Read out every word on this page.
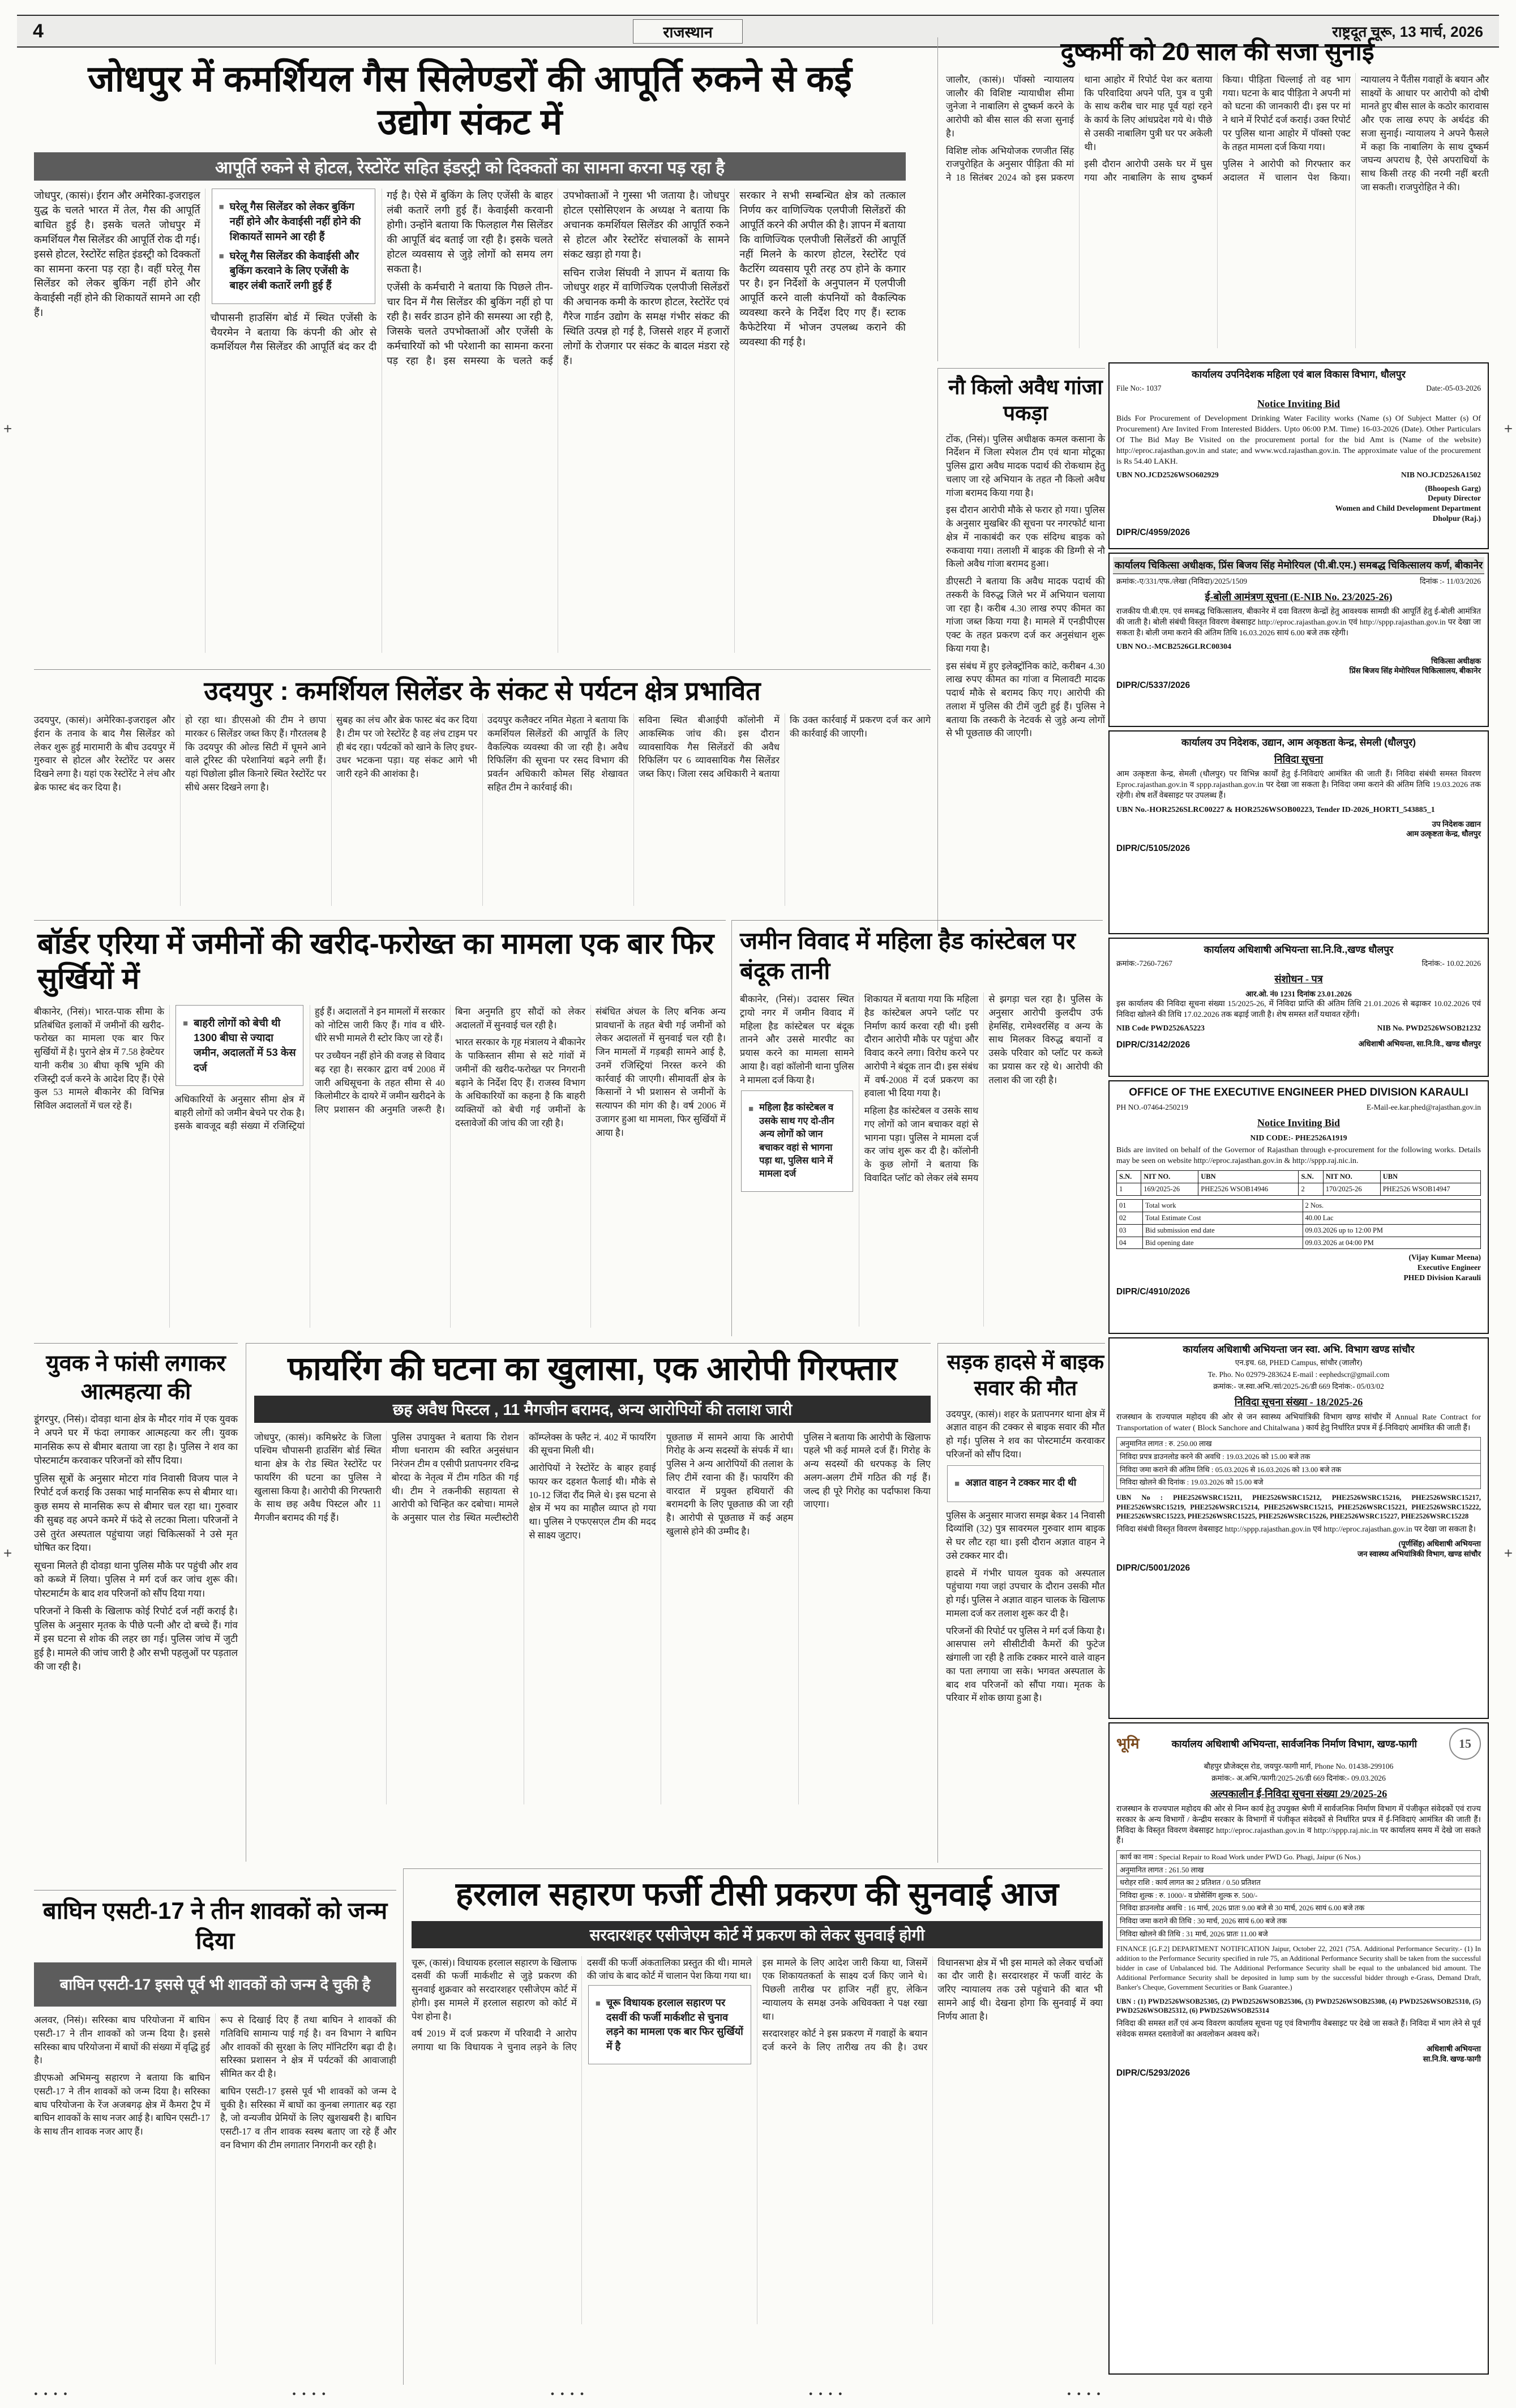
+	+
+	+
4	राजस्थान	राष्ट्रदूत चूरू, 13 मार्च, 2026
जोधपुर में कमर्शियल गैस सिलेण्डरों की आपूर्ति रुकने से कई उद्योग संकट में
आपूर्ति रुकने से होटल, रेस्टोरेंट सहित इंडस्ट्री को दिक्कतों का सामना करना पड़ रहा है

जोधपुर, (कासं)। ईरान और अमेरिका-इजराइल युद्ध के चलते भारत में तेल, गैस की आपूर्ति बाधित हुई है। इसके चलते जोधपुर में कमर्शियल गैस सिलेंडर की आपूर्ति रोक दी गई। इससे होटल, रेस्टोरेंट सहित इंडस्ट्री को दिक्कतों का सामना करना पड़ रहा है। वहीं घरेलू गैस सिलेंडर को लेकर बुकिंग नहीं होने और केवाईसी नहीं होने की शिकायतें सामने आ रही हैं।

■ घरेलू गैस सिलेंडर को लेकर बुकिंग नहीं होने और केवाईसी नहीं होने की शिकायतें सामने आ रही हैं
■ घरेलू गैस सिलेंडर की केवाईसी और बुकिंग करवाने के लिए एजेंसी के बाहर लंबी कतारें लगी हुई हैं

चौपासनी हाउसिंग बोर्ड में स्थित एजेंसी के चैयरमेन ने बताया कि कंपनी की ओर से कमर्शियल गैस सिलेंडर की आपूर्ति बंद कर दी गई है। ऐसे में बुकिंग के लिए एजेंसी के बाहर लंबी कतारें लगी हुई हैं। केवाईसी करवानी होगी। उन्होंने बताया कि फिलहाल गैस सिलेंडर की आपूर्ति बंद बताई जा रही है। इसके चलते होटल व्यवसाय से जुड़े लोगों को समय लग सकता है।

एजेंसी के कर्मचारी ने बताया कि पिछले तीन-चार दिन में गैस सिलेंडर की बुकिंग नहीं हो पा रही है। सर्वर डाउन होने की समस्या आ रही है, जिसके चलते उपभोक्ताओं और एजेंसी के कर्मचारियों को भी परेशानी का सामना करना पड़ रहा है। इस समस्या के चलते कई उपभोक्ताओं ने गुस्सा भी जताया है। जोधपुर होटल एसोसिएशन के अध्यक्ष ने बताया कि अचानक कमर्शियल सिलेंडर की आपूर्ति रुकने से होटल और रेस्टोरेंट संचालकों के सामने संकट खड़ा हो गया है।

सचिन राजेश सिंघवी ने ज्ञापन में बताया कि जोधपुर शहर में वाणिज्यिक एलपीजी सिलेंडरों की अचानक कमी के कारण होटल, रेस्टोरेंट एवं गैरेज गार्डन उद्योग के समक्ष गंभीर संकट की स्थिति उत्पन्न हो गई है, जिससे शहर में हजारों लोगों के रोजगार पर संकट के बादल मंडरा रहे हैं।

सरकार ने सभी सम्बन्धित क्षेत्र को तत्काल निर्णय कर वाणिज्यिक एलपीजी सिलेंडरों की आपूर्ति करने की अपील की है। ज्ञापन में बताया कि वाणिज्यिक एलपीजी सिलेंडरों की आपूर्ति नहीं मिलने के कारण होटल, रेस्टोरेंट एवं कैटरिंग व्यवसाय पूरी तरह ठप होने के कगार पर है। इन निर्देशों के अनुपालन में एलपीजी आपूर्ति करने वाली कंपनियों को वैकल्पिक व्यवस्था करने के निर्देश दिए गए हैं। स्टाक कैफेटेरिया में भोजन उपलब्ध कराने की व्यवस्था की गई है।

उदयपुर : कमर्शियल सिलेंडर के संकट से पर्यटन क्षेत्र प्रभावित

उदयपुर, (कासं)। अमेरिका-इजराइल और ईरान के तनाव के बाद गैस सिलेंडर को लेकर शुरू हुई मारामारी के बीच उदयपुर में गुरुवार से होटल और रेस्टोरेंट पर असर दिखने लगा है। यहां एक रेस्टोरेंट ने लंच और ब्रेक फास्ट बंद कर दिया है।

हो रहा था। डीएसओ की टीम ने छापा मारकर 6 सिलेंडर जब्त किए हैं। गौरतलब है कि उदयपुर की ओल्ड सिटी में घूमने आने वाले टूरिस्ट की परेशानियां बढ़ने लगी हैं। यहां पिछोला झील किनारे स्थित रेस्टोरेंट पर सीधे असर दिखने लगा है।

सुबह का लंच और ब्रेक फास्ट बंद कर दिया है। टीम पर जो रेस्टोरेंट है वह लंच टाइम पर ही बंद रहा। पर्यटकों को खाने के लिए इधर-उधर भटकना पड़ा। यह संकट आगे भी जारी रहने की आशंका है।

उदयपुर कलैक्टर नमित मेहता ने बताया कि कमर्शियल सिलेंडरों की आपूर्ति के लिए वैकल्पिक व्यवस्था की जा रही है। अवैध रिफिलिंग की सूचना पर रसद विभाग की प्रवर्तन अधिकारी कोमल सिंह शेखावत सहित टीम ने कार्रवाई की।

सविना स्थित बीआईपी कॉलोनी में आकस्मिक जांच की। इस दौरान व्यावसायिक गैस सिलेंडरों की अवैध रिफिलिंग पर 6 व्यावसायिक गैस सिलेंडर जब्त किए। जिला रसद अधिकारी ने बताया कि उक्त कार्रवाई में प्रकरण दर्ज कर आगे की कार्रवाई की जाएगी।

दुष्कर्मी को 20 साल की सजा सुनाई

जालौर, (कासं)। पॉक्सो न्यायालय जालौर की विशिष्ट न्यायाधीश सीमा जुनेजा ने नाबालिग से दुष्कर्म करने के आरोपी को बीस साल की सजा सुनाई है।

विशिष्ट लोक अभियोजक रणजीत सिंह राजपुरोहित के अनुसार पीड़िता की मां ने 18 सितंबर 2024 को इस प्रकरण थाना आहोर में रिपोर्ट पेश कर बताया कि परिवादिया अपने पति, पुत्र व पुत्री के साथ करीब चार माह पूर्व यहां रहने के कार्य के लिए आंधप्रदेश गये थे। पीछे से उसकी नाबालिग पुत्री घर पर अकेली थी।

इसी दौरान आरोपी उसके घर में घुस गया और नाबालिग के साथ दुष्कर्म किया। पीड़िता चिल्लाई तो वह भाग गया। घटना के बाद पीड़िता ने अपनी मां को घटना की जानकारी दी। इस पर मां ने थाने में रिपोर्ट दर्ज कराई। उक्त रिपोर्ट पर पुलिस थाना आहोर में पॉक्सो एक्ट के तहत मामला दर्ज किया गया।

पुलिस ने आरोपी को गिरफ्तार कर अदालत में चालान पेश किया। न्यायालय ने पैंतीस गवाहों के बयान और साक्ष्यों के आधार पर आरोपी को दोषी मानते हुए बीस साल के कठोर कारावास और एक लाख रुपए के अर्थदंड की सजा सुनाई। न्यायालय ने अपने फैसले में कहा कि नाबालिग के साथ दुष्कर्म जघन्य अपराध है, ऐसे अपराधियों के साथ किसी तरह की नरमी नहीं बरती जा सकती। राजपुरोहित ने की।

नौ किलो अवैध गांजा पकड़ा

टोंक, (निसं)। पुलिस अधीक्षक कमल कसाना के निर्देशन में जिला स्पेशल टीम एवं थाना मोटूका पुलिस द्वारा अवैध मादक पदार्थ की रोकथाम हेतु चलाए जा रहे अभियान के तहत नौ किलो अवैध गांजा बरामद किया गया है।

इस दौरान आरोपी मौके से फरार हो गया। पुलिस के अनुसार मुखबिर की सूचना पर नगरफोर्ट थाना क्षेत्र में नाकाबंदी कर एक संदिग्ध बाइक को रुकवाया गया। तलाशी में बाइक की डिग्गी से नौ किलो अवैध गांजा बरामद हुआ।

डीएसटी ने बताया कि अवैध मादक पदार्थ की तस्करी के विरुद्ध जिले भर में अभियान चलाया जा रहा है। करीब 4.30 लाख रुपए कीमत का गांजा जब्त किया गया है। मामले में एनडीपीएस एक्ट के तहत प्रकरण दर्ज कर अनुसंधान शुरू किया गया है।

इस संबंध में हुए इलेक्ट्रॉनिक कांटे, करीबन 4.30 लाख रुपए कीमत का गांजा व मिलावटी मादक पदार्थ मौके से बरामद किए गए। आरोपी की तलाश में पुलिस की टीमें जुटी हुई हैं। पुलिस ने बताया कि तस्करी के नेटवर्क से जुड़े अन्य लोगों से भी पूछताछ की जाएगी।

बॉर्डर एरिया में जमीनों की खरीद-फरोख्त का मामला एक बार फिर सुर्खियों में

बीकानेर, (निसं)। भारत-पाक सीमा के प्रतिबंधित इलाकों में जमीनों की खरीद-फरोख्त का मामला एक बार फिर सुर्खियों में है। पुराने क्षेत्र में 7.58 हेक्टेयर यानी करीब 30 बीघा कृषि भूमि की रजिस्ट्री दर्ज करने के आदेश दिए हैं। ऐसे कुल 53 मामले बीकानेर की विभिन्न सिविल अदालतों में चल रहे हैं।

■ बाहरी लोगों को बेची थी 1300 बीघा से ज्यादा जमीन, अदालतों में 53 केस दर्ज

अधिकारियों के अनुसार सीमा क्षेत्र में बाहरी लोगों को जमीन बेचने पर रोक है। इसके बावजूद बड़ी संख्या में रजिस्ट्रियां हुई हैं। अदालतों ने इन मामलों में सरकार को नोटिस जारी किए हैं। गांव व धीरे-धीरे सभी मामले री स्टोर किए जा रहे हैं।

पर उच्चैयन नहीं होने की वजह से विवाद बढ़ रहा है। सरकार द्वारा वर्ष 2008 में जारी अधिसूचना के तहत सीमा से 40 किलोमीटर के दायरे में जमीन खरीदने के लिए प्रशासन की अनुमति जरूरी है। बिना अनुमति हुए सौदों को लेकर अदालतों में सुनवाई चल रही है।

भारत सरकार के गृह मंत्रालय ने बीकानेर के पाकिस्तान सीमा से सटे गांवों में जमीनों की खरीद-फरोख्त पर निगरानी बढ़ाने के निर्देश दिए हैं। राजस्व विभाग के अधिकारियों का कहना है कि बाहरी व्यक्तियों को बेची गई जमीनों के दस्तावेजों की जांच की जा रही है।

संबंधित अंचल के लिए बनिक अन्य प्रावधानों के तहत बेची गई जमीनों को लेकर अदालतों में सुनवाई चल रही है। जिन मामलों में गड़बड़ी सामने आई है, उनमें रजिस्ट्रियां निरस्त करने की कार्रवाई की जाएगी। सीमावर्ती क्षेत्र के किसानों ने भी प्रशासन से जमीनों के सत्यापन की मांग की है। वर्ष 2006 में उजागर हुआ था मामला, फिर सुर्खियों में आया है।

जमीन विवाद में महिला हैड कांस्टेबल पर बंदूक तानी

बीकानेर, (निसं)। उदासर स्थित ट्रायो नगर में जमीन विवाद में महिला हैड कांस्टेबल पर बंदूक तानने और उससे मारपीट का प्रयास करने का मामला सामने आया है। वहां कॉलोनी थाना पुलिस ने मामला दर्ज किया है।

■ महिला हैड कांस्टेबल व उसके साथ गए दो-तीन अन्य लोगों को जान बचाकर वहां से भागना पड़ा था, पुलिस थाने में मामला दर्ज

शिकायत में बताया गया कि महिला हैड कांस्टेबल अपने प्लॉट पर निर्माण कार्य करवा रही थी। इसी दौरान आरोपी मौके पर पहुंचा और विवाद करने लगा। विरोध करने पर आरोपी ने बंदूक तान दी। इस संबंध में वर्ष-2008 में दर्ज प्रकरण का हवाला भी दिया गया है।

महिला हैड कांस्टेबल व उसके साथ गए लोगों को जान बचाकर वहां से भागना पड़ा। पुलिस ने मामला दर्ज कर जांच शुरू कर दी है। कॉलोनी के कुछ लोगों ने बताया कि विवादित प्लॉट को लेकर लंबे समय से झगड़ा चल रहा है। पुलिस के अनुसार आरोपी कुलदीप उर्फ हेमसिंह, रामेश्वरसिंह व अन्य के साथ मिलकर विरुद्ध बयानों व उसके परिवार को प्लॉट पर कब्जे का प्रयास कर रहे थे। आरोपी की तलाश की जा रही है।

युवक ने फांसी लगाकर आत्महत्या की

डूंगरपुर, (निसं)। दोवड़ा थाना क्षेत्र के मौदर गांव में एक युवक ने अपने घर में फंदा लगाकर आत्महत्या कर ली। युवक मानसिक रूप से बीमार बताया जा रहा है। पुलिस ने शव का पोस्टमार्टम करवाकर परिजनों को सौंप दिया।

पुलिस सूत्रों के अनुसार मोटरा गांव निवासी विजय पाल ने रिपोर्ट दर्ज कराई कि उसका भाई मानसिक रूप से बीमार था। कुछ समय से मानसिक रूप से बीमार चल रहा था। गुरुवार की सुबह वह अपने कमरे में फंदे से लटका मिला। परिजनों ने उसे तुरंत अस्पताल पहुंचाया जहां चिकित्सकों ने उसे मृत घोषित कर दिया।

सूचना मिलते ही दोवड़ा थाना पुलिस मौके पर पहुंची और शव को कब्जे में लिया। पुलिस ने मर्ग दर्ज कर जांच शुरू की। पोस्टमार्टम के बाद शव परिजनों को सौंप दिया गया।

परिजनों ने किसी के खिलाफ कोई रिपोर्ट दर्ज नहीं कराई है। पुलिस के अनुसार मृतक के पीछे पत्नी और दो बच्चे हैं। गांव में इस घटना से शोक की लहर छा गई। पुलिस जांच में जुटी हुई है। मामले की जांच जारी है और सभी पहलुओं पर पड़ताल की जा रही है।

फायरिंग की घटना का खुलासा, एक आरोपी गिरफ्तार
छह अवैध पिस्टल , 11 मैगजीन बरामद, अन्य आरोपियों की तलाश जारी

जोधपुर, (कासं)। कमिश्नरेट के जिला पश्चिम चौपासनी हाउसिंग बोर्ड स्थित थाना क्षेत्र के रोड स्थित रेस्टोरेंट पर फायरिंग की घटना का पुलिस ने खुलासा किया है। आरोपी की गिरफ्तारी के साथ छह अवैध पिस्टल और 11 मैगजीन बरामद की गई हैं।

पुलिस उपायुक्त ने बताया कि रोशन मीणा धनाराम की स्वरित अनुसंधान निरंजन टीम व एसीपी प्रतापनगर रविन्द्र बोरदा के नेतृत्व में टीम गठित की गई थी। टीम ने तकनीकी सहायता से आरोपी को चिन्हित कर दबोचा। मामले के अनुसार पाल रोड स्थित मल्टीस्टोरी कॉम्प्लेक्स के फ्लैट नं. 402 में फायरिंग की सूचना मिली थी।

आरोपियों ने रेस्टोरेंट के बाहर हवाई फायर कर दहशत फैलाई थी। मौके से 10-12 जिंदा रौंद मिले थे। इस घटना से क्षेत्र में भय का माहौल व्याप्त हो गया था। पुलिस ने एफएसएल टीम की मदद से साक्ष्य जुटाए।

पूछताछ में सामने आया कि आरोपी गिरोह के अन्य सदस्यों के संपर्क में था। पुलिस ने अन्य आरोपियों की तलाश के लिए टीमें रवाना की हैं। फायरिंग की वारदात में प्रयुक्त हथियारों की बरामदगी के लिए पूछताछ की जा रही है। आरोपी से पूछताछ में कई अहम खुलासे होने की उम्मीद है।

पुलिस ने बताया कि आरोपी के खिलाफ पहले भी कई मामले दर्ज हैं। गिरोह के अन्य सदस्यों की धरपकड़ के लिए अलग-अलग टीमें गठित की गई हैं। जल्द ही पूरे गिरोह का पर्दाफाश किया जाएगा।

सड़क हादसे में बाइक सवार की मौत

उदयपुर, (कासं)। शहर के प्रतापनगर थाना क्षेत्र में अज्ञात वाहन की टक्कर से बाइक सवार की मौत हो गई। पुलिस ने शव का पोस्टमार्टम करवाकर परिजनों को सौंप दिया।

■ अज्ञात वाहन ने टक्कर मार दी थी

पुलिस के अनुसार माजरा समझ बेकर 14 निवासी दिव्यांशि (32) पुत्र सावरमल गुरुवार शाम बाइक से घर लौट रहा था। इसी दौरान अज्ञात वाहन ने उसे टक्कर मार दी।

हादसे में गंभीर घायल युवक को अस्पताल पहुंचाया गया जहां उपचार के दौरान उसकी मौत हो गई। पुलिस ने अज्ञात वाहन चालक के खिलाफ मामला दर्ज कर तलाश शुरू कर दी है।

परिजनों की रिपोर्ट पर पुलिस ने मर्ग दर्ज किया है। आसपास लगे सीसीटीवी कैमरों की फुटेज खंगाली जा रही है ताकि टक्कर मारने वाले वाहन का पता लगाया जा सके। भगवत अस्पताल के बाद शव परिजनों को सौंपा गया। मृतक के परिवार में शोक छाया हुआ है।

बाघिन एसटी-17 ने तीन शावकों को जन्म दिया
बाघिन एसटी-17 इससे पूर्व भी शावकों को जन्म दे चुकी है

अलवर, (निसं)। सरिस्का बाघ परियोजना में बाघिन एसटी-17 ने तीन शावकों को जन्म दिया है। इससे सरिस्का बाघ परियोजना में बाघों की संख्या में वृद्धि हुई है।

डीएफओ अभिमन्यु सहारण ने बताया कि बाघिन एसटी-17 ने तीन शावकों को जन्म दिया है। सरिस्का बाघ परियोजना के रेंज अजबगढ़ क्षेत्र में कैमरा ट्रैप में बाघिन शावकों के साथ नजर आई है। बाघिन एसटी-17 के साथ तीन शावक नजर आए हैं।

रूप से दिखाई दिए हैं तथा बाघिन ने शावकों की गतिविधि सामान्य पाई गई है। वन विभाग ने बाघिन और शावकों की सुरक्षा के लिए मॉनिटरिंग बढ़ा दी है। सरिस्का प्रशासन ने क्षेत्र में पर्यटकों की आवाजाही सीमित कर दी है।

बाघिन एसटी-17 इससे पूर्व भी शावकों को जन्म दे चुकी है। सरिस्का में बाघों का कुनबा लगातार बढ़ रहा है, जो वन्यजीव प्रेमियों के लिए खुशखबरी है। बाघिन एसटी-17 व तीन शावक स्वस्थ बताए जा रहे हैं और वन विभाग की टीम लगातार निगरानी कर रही है।

हरलाल सहारण फर्जी टीसी प्रकरण की सुनवाई आज
सरदारशहर एसीजेएम कोर्ट में प्रकरण को लेकर सुनवाई होगी

चूरू, (कासं)। विधायक हरलाल सहारण के खिलाफ दसवीं की फर्जी मार्कशीट से जुड़े प्रकरण की सुनवाई शुक्रवार को सरदारशहर एसीजेएम कोर्ट में होगी। इस मामले में हरलाल सहारण को कोर्ट में पेश होना है।

वर्ष 2019 में दर्ज प्रकरण में परिवादी ने आरोप लगाया था कि विधायक ने चुनाव लड़ने के लिए दसवीं की फर्जी अंकतालिका प्रस्तुत की थी। मामले की जांच के बाद कोर्ट में चालान पेश किया गया था।

■ चूरू विधायक हरलाल सहारण पर दसवीं की फर्जी मार्कशीट से चुनाव लड़ने का मामला एक बार फिर सुर्खियों में है

इस मामले के लिए आदेश जारी किया था, जिसमें एक शिकायतकर्ता के साक्ष्य दर्ज किए जाने थे। पिछली तारीख पर हाजिर नहीं हुए, लेकिन न्यायालय के समक्ष उनके अधिवक्ता ने पक्ष रखा था।

सरदारशहर कोर्ट ने इस प्रकरण में गवाहों के बयान दर्ज करने के लिए तारीख तय की है। उधर विधानसभा क्षेत्र में भी इस मामले को लेकर चर्चाओं का दौर जारी है। सरदारशहर में फर्जी वारंट के जरिए न्यायालय तक उसे पहुंचाने की बात भी सामने आई थी। देखना होगा कि सुनवाई में क्या निर्णय आता है।

कार्यालय उपनिदेशक महिला एवं बाल विकास विभाग, धौलपुर
File No:- 1037	Date:-05-03-2026
Notice Inviting Bid
Bids For Procurement of Development Drinking Water Facility works (Name (s) Of Subject Matter (s) Of Procurement) Are Invited From Interested Bidders. Upto 06:00 P.M. Time) 16-03-2026 (Date). Other Particulars Of The Bid May Be Visited on the procurement portal for the bid Amt is (Name of the website) http://eproc.rajasthan.gov.in and state; and www.wcd.rajasthan.gov.in. The approximate value of the procurement is Rs 54.40 LAKH.
UBN NO.JCD2526WSO602929	NIB NO.JCD2526A1502
(Bhoopesh Garg)
Deputy Director
Women and Child Development Department
Dholpur (Raj.)
DIPR/C/4959/2026
कार्यालय चिकित्सा अधीक्षक, प्रिंस बिजय सिंह मेमोरियल (पी.बी.एम.) समबद्ध चिकित्सालय कर्ण, बीकानेर
क्रमांक:-ए/331/एफ./लेखा (निविदा)/2025/1509	दिनांक :- 11/03/2026
ई-बोली आमंत्रण सूचना (E-NIB No. 23/2025-26)
राजकीय पी.बी.एम. एवं समबद्ध चिकित्सालय, बीकानेर में दवा वितरण केन्द्रों हेतु आवश्यक सामग्री की आपूर्ति हेतु ई-बोली आमंत्रित की जाती है। बोली संबंधी विस्तृत विवरण वेबसाइट http://eproc.rajasthan.gov.in एवं http://sppp.rajasthan.gov.in पर देखा जा सकता है। बोली जमा कराने की अंतिम तिथि 16.03.2026 सायं 6.00 बजे तक रहेगी।
UBN NO.:-MCB2526GLRC00304
चिकित्सा अधीक्षक
प्रिंस बिजय सिंह मेमोरियल चिकित्सालय, बीकानेर
DIPR/C/5337/2026
कार्यालय उप निदेशक, उद्यान, आम अकृष्ठता केन्द्र, सेमली (धौलपुर)
निविदा सूचना
आम उत्कृष्टता केन्द्र, सेमली (धौलपुर) पर विभिन्न कार्यों हेतु ई-निविदाएं आमंत्रित की जाती हैं। निविदा संबंधी समस्त विवरण Eproc.rajasthan.gov.in व sppp.rajasthan.gov.in पर देखा जा सकता है। निविदा जमा कराने की अंतिम तिथि 19.03.2026 तक रहेगी। शेष शर्तें वेबसाइट पर उपलब्ध हैं।
UBN No.-HOR2526SLRC00227 & HOR2526WSOB00223, Tender ID-2026_HORTI_543885_1
उप निदेशक उद्यान
आम उत्कृष्टता केन्द्र, धौलपुर
DIPR/C/5105/2026
कार्यालय अधिशाषी अभियन्ता सा.नि.वि.,खण्ड धौलपुर
क्रमांक:-7260-7267	दिनांक:- 10.02.2026
संशोधन - पत्र
आर.ओ. नं0 1231 दिनांक 23.01.2026
इस कार्यालय की निविदा सूचना संख्या 15/2025-26, में निविदा प्राप्ति की अंतिम तिथि 21.01.2026 से बढ़ाकर 10.02.2026 एवं निविदा खोलने की तिथि 17.02.2026 तक बढ़ाई जाती है। शेष समस्त शर्तें यथावत रहेंगी।
NIB Code PWD2526A5223	NIB No. PWD2526WSOB21232
DIPR/C/3142/2026	अधिशाषी अभियन्ता, सा.नि.वि., खण्ड धौलपुर
OFFICE OF THE EXECUTIVE ENGINEER PHED DIVISION KARAULI
PH NO.-07464-250219	E-Mail-ee.kar.phed@rajasthan.gov.in
Notice Inviting Bid
NID CODE:- PHE2526A1919
Bids are invited on behalf of the Governor of Rajasthan through e-procurement for the following works. Details may be seen on website http://eproc.rajasthan.gov.in & http://sppp.raj.nic.in.
S.N.	NIT NO.	UBN	S.N.	NIT NO.	UBN
1	169/2025-26	PHE2526 WSOB14946	2	170/2025-26	PHE2526 WSOB14947
01	Total work	2 Nos.
02	Total Estimate Cost	40.00 Lac
03	Bid submission end date	09.03.2026 up to 12:00 PM
04	Bid opening date	09.03.2026 at 04:00 PM
(Vijay Kumar Meena)
Executive Engineer
PHED Division Karauli
DIPR/C/4910/2026
कार्यालय अधिशाषी अभियन्ता जन स्वा. अभि. विभाग खण्ड सांचौर
एन.इच. 68, PHED Campus, सांचौर (जालौर)
Te. Pho. No 02979-283624 E-mail : eephedscr@gmail.com
क्रमांक:- ज.स्वा.अभि./सां/2025-26/डी 669 दिनांक:- 05/03/02
निविदा सूचना संख्या - 18/2025-26
राजस्थान के राज्यपाल महोदय की ओर से जन स्वास्थ्य अभियांत्रिकी विभाग खण्ड सांचौर में Annual Rate Contract for Transportation of water ( Block Sanchore and Chitalwana ) कार्य हेतु निर्धारित प्रपत्र में ई-निविदाएं आमंत्रित की जाती हैं।

अनुमानित लागत : रु. 250.00 लाख

निविदा प्रपत्र डाउनलोड करने की अवधि : 19.03.2026 को 15.00 बजे तक

निविदा जमा कराने की अंतिम तिथि : 05.03.2026 से 16.03.2026 को 13.00 बजे तक

निविदा खोलने की दिनांक : 19.03.2026 को 15.00 बजे

UBN No : PHE2526WSRC15211, PHE2526WSRC15212, PHE2526WSRC15216, PHE2526WSRC15217, PHE2526WSRC15219, PHE2526WSRC15214, PHE2526WSRC15215, PHE2526WSRC15221, PHE2526WSRC15222, PHE2526WSRC15223, PHE2526WSRC15225, PHE2526WSRC15226, PHE2526WSRC15227, PHE2526WSRC15228
निविदा संबंधी विस्तृत विवरण वेबसाइट http://sppp.rajasthan.gov.in एवं http://eproc.rajasthan.gov.in पर देखा जा सकता है।
(पूर्णसिंह) अधिशाषी अभियन्ता
जन स्वास्थ्य अभियांत्रिकी विभाग, खण्ड सांचौर
DIPR/C/5001/2026
भूमि	कार्यालय अधिशाषी अभियन्ता, सार्वजनिक निर्माण विभाग, खण्ड-फागी	15
बौहपुर प्रौजेक्ट्स रोड, जयपुर-फागी मार्ग, Phone No. 01438-299106
क्रमांक:- अ.अभि./फागी/2025-26/डी 669 दिनांक:- 09.03.2026
अल्पकालीन ई-निविदा सूचना संख्या 29/2025-26
राजस्थान के राज्यपाल महोदय की ओर से निम्न कार्य हेतु उपयुक्त श्रेणी में सार्वजनिक निर्माण विभाग में पंजीकृत संवेदकों एवं राज्य सरकार के अन्य विभागों / केन्द्रीय सरकार के विभागों में पंजीकृत संवेदकों से निर्धारित प्रपत्र में ई-निविदाएं आमंत्रित की जाती हैं। निविदा के विस्तृत विवरण वेबसाइट http://eproc.rajasthan.gov.in व http://sppp.raj.nic.in पर कार्यालय समय में देखे जा सकते हैं।

कार्य का नाम : Special Repair to Road Work under PWD Go. Phagi, Jaipur (6 Nos.)

अनुमानित लागत : 261.50 लाख

धरोहर राशि : कार्य लागत का 2 प्रतिशत / 0.50 प्रतिशत

निविदा शुल्क : रु. 1000/- व प्रोसेसिंग शुल्क रु. 500/-

निविदा डाउनलोड अवधि : 16 मार्च, 2026 प्रातः 9.00 बजे से 30 मार्च, 2026 सायं 6.00 बजे तक

निविदा जमा कराने की तिथि : 30 मार्च, 2026 सायं 6.00 बजे तक

निविदा खोलने की तिथि : 31 मार्च, 2026 प्रातः 11.00 बजे

FINANCE [G.F.2] DEPARTMENT NOTIFICATION Jaipur, October 22, 2021 (75A. Additional Performance Security.- (1) In addition to the Performance Security specified in rule 75, an Additional Performance Security shall be taken from the successful bidder in case of Unbalanced bid. The Additional Performance Security shall be equal to the unbalanced bid amount. The Additional Performance Security shall be deposited in lump sum by the successful bidder through e-Grass, Demand Draft, Banker's Cheque, Government Securities or Bank Guarantee.)
UBN : (1) PWD2526WSOB25305, (2) PWD2526WSOB25306, (3) PWD2526WSOB25308, (4) PWD2526WSOB25310, (5) PWD2526WSOB25312, (6) PWD2526WSOB25314
निविदा की समस्त शर्तें एवं अन्य विवरण कार्यालय सूचना पट्ट एवं विभागीय वेबसाइट पर देखे जा सकते हैं। निविदा में भाग लेने से पूर्व संवेदक समस्त दस्तावेजों का अवलोकन अवश्य करें।
अधिशाषी अभियन्ता
सा.नि.वि. खण्ड-फागी
DIPR/C/5293/2026
● ● ● ●	● ● ● ●	● ● ● ●	● ● ● ●	● ● ● ●
